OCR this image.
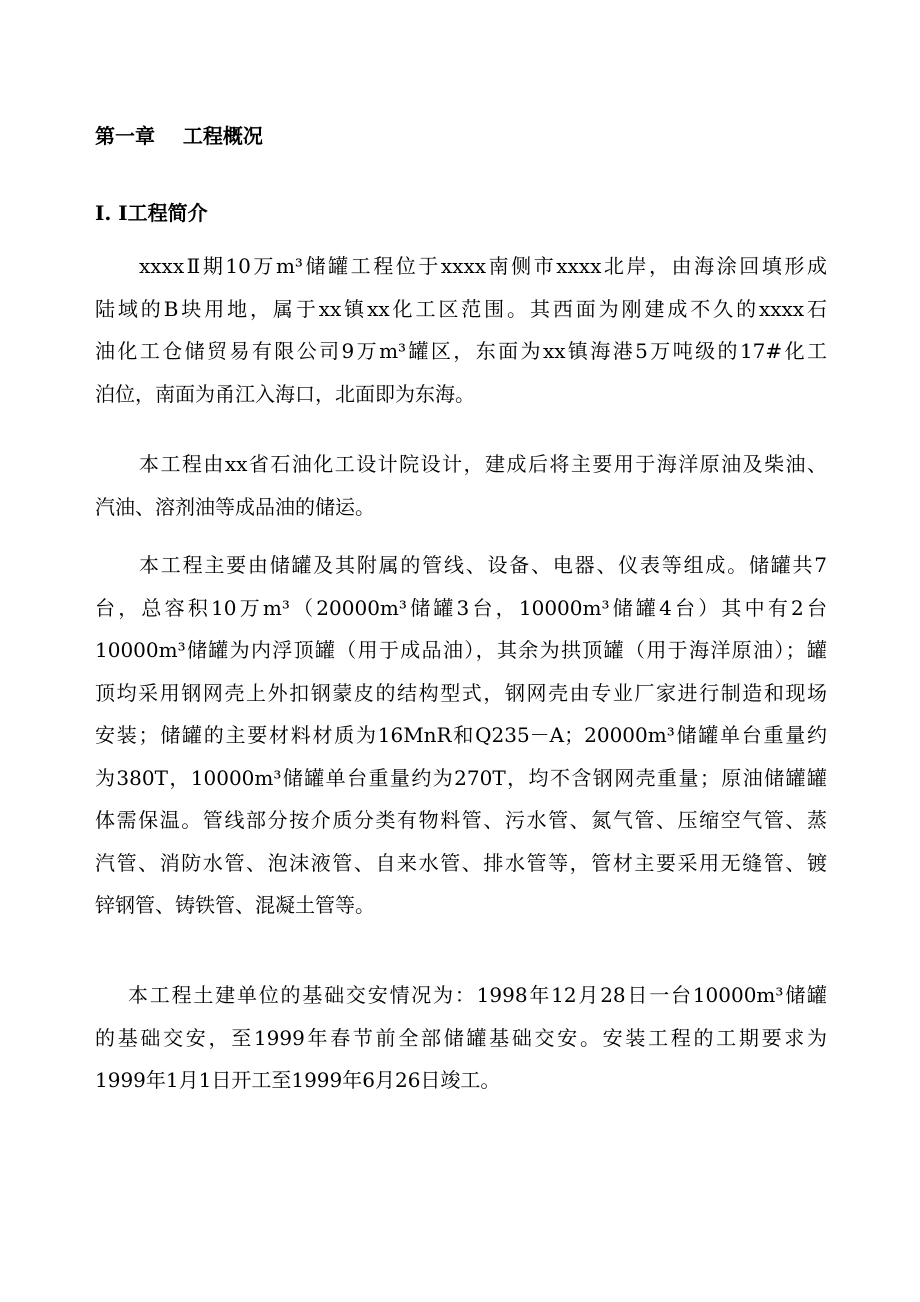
第一章    工程概况
I. I工程简介
xxxxⅡ期10万m³储罐工程位于xxxx南侧市xxxx北岸，由海涂回填形成
陆域的B块用地，属于xx镇xx化工区范围。其西面为刚建成不久的xxxx石
油化工仓储贸易有限公司9万m³罐区，东面为xx镇海港5万吨级的17#化工
泊位，南面为甬江入海口，北面即为东海。
本工程由xx省石油化工设计院设计，建成后将主要用于海洋原油及柴油、
汽油、溶剂油等成品油的储运。
本工程主要由储罐及其附属的管线、设备、电器、仪表等组成。储罐共7
台，总容积10万m³（20000m³储罐3台，10000m³储罐4台）其中有2台
10000m³储罐为内浮顶罐（用于成品油），其余为拱顶罐（用于海洋原油）；罐
顶均采用钢网壳上外扣钢蒙皮的结构型式，钢网壳由专业厂家进行制造和现场
安装；储罐的主要材料材质为16MnR和Q235－A；20000m³储罐单台重量约
为380T，10000m³储罐单台重量约为270T，均不含钢网壳重量；原油储罐罐
体需保温。管线部分按介质分类有物料管、污水管、氮气管、压缩空气管、蒸
汽管、消防水管、泡沫液管、自来水管、排水管等，管材主要采用无缝管、镀
锌钢管、铸铁管、混凝土管等。
本工程土建单位的基础交安情况为：1998年12月28日一台10000m³储罐
的基础交安，至1999年春节前全部储罐基础交安。安装工程的工期要求为
1999年1月1日开工至1999年6月26日竣工。
